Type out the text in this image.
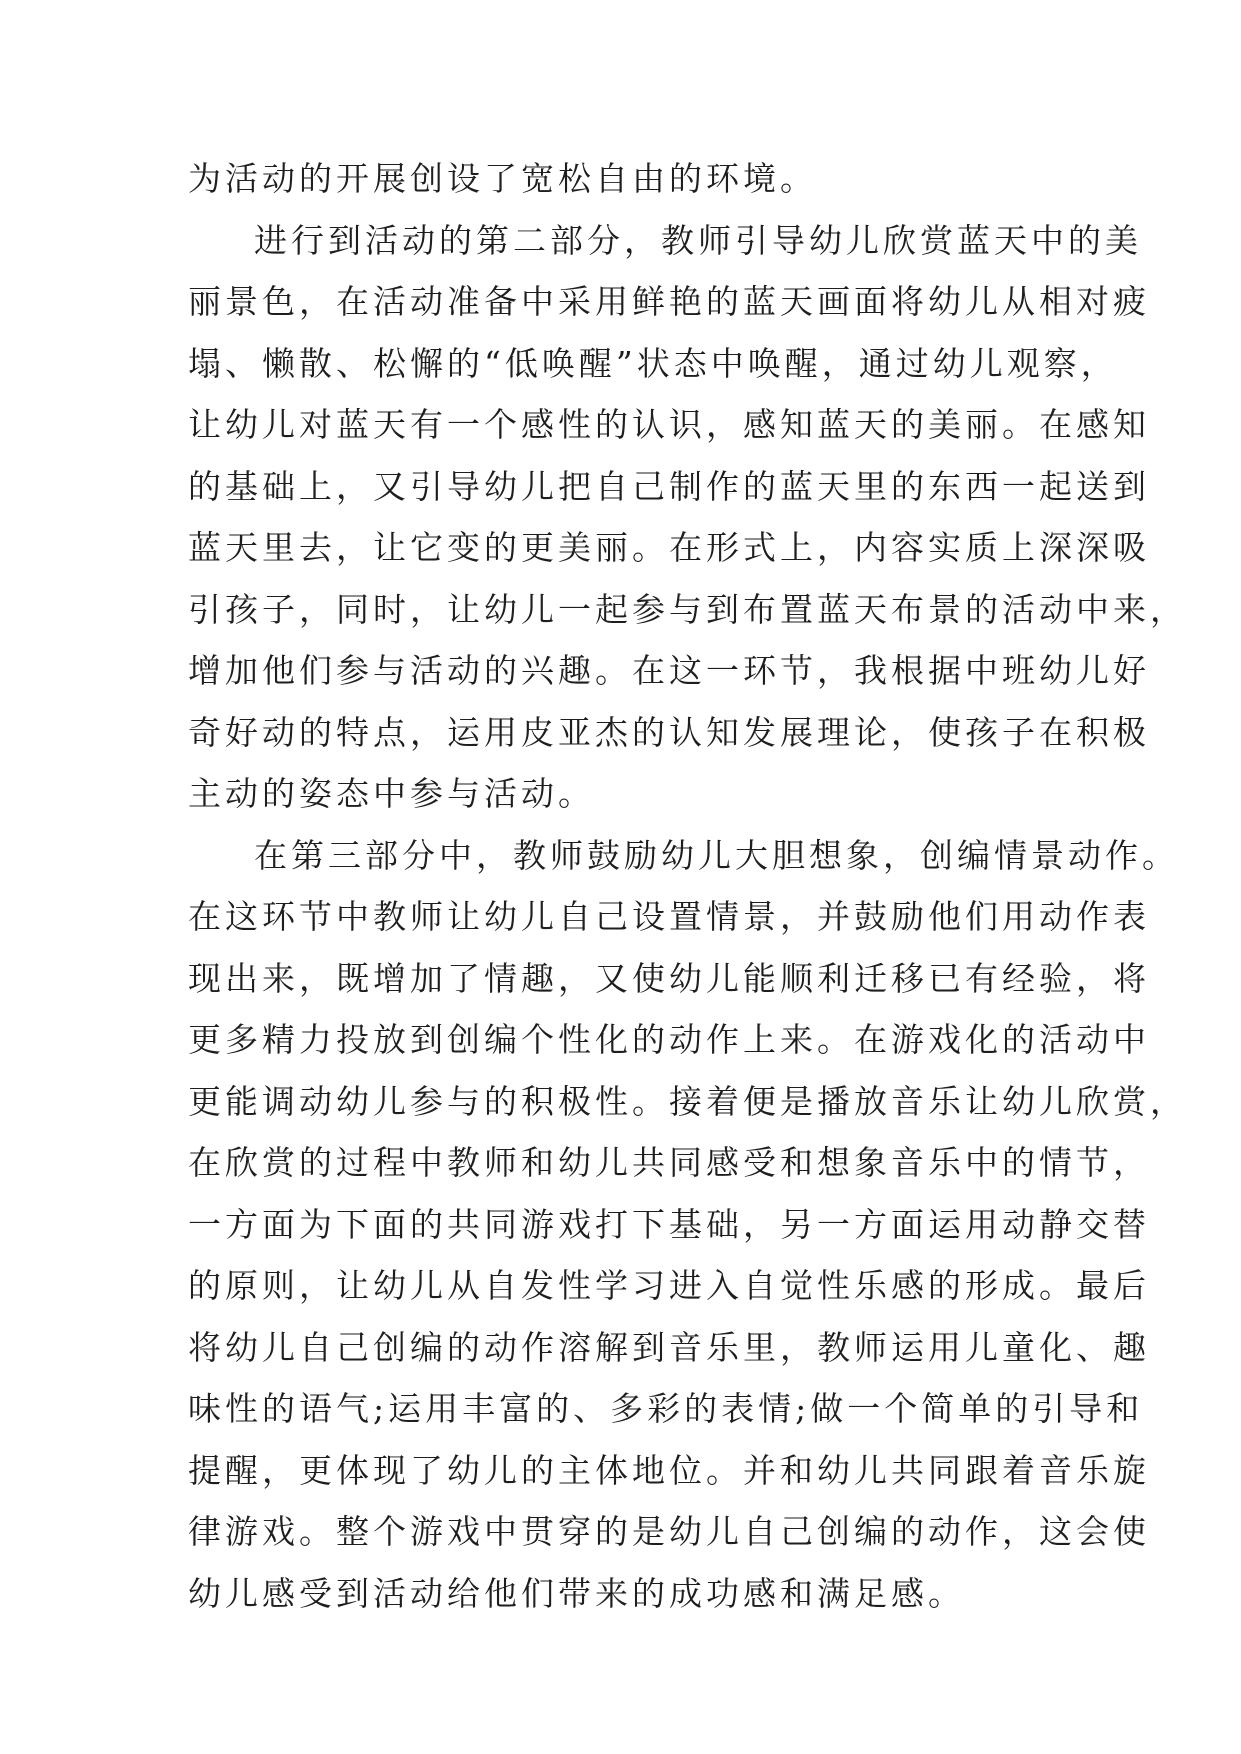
为活动的开展创设了宽松自由的环境。
进行到活动的第二部分，教师引导幼儿欣赏蓝天中的美
丽景色，在活动准备中采用鲜艳的蓝天画面将幼儿从相对疲
塌、懒散、松懈的“低唤醒”状态中唤醒，通过幼儿观察，
让幼儿对蓝天有一个感性的认识，感知蓝天的美丽。在感知
的基础上，又引导幼儿把自己制作的蓝天里的东西一起送到
蓝天里去，让它变的更美丽。在形式上，内容实质上深深吸
引孩子，同时，让幼儿一起参与到布置蓝天布景的活动中来，
增加他们参与活动的兴趣。在这一环节，我根据中班幼儿好
奇好动的特点，运用皮亚杰的认知发展理论，使孩子在积极
主动的姿态中参与活动。
在第三部分中，教师鼓励幼儿大胆想象，创编情景动作。
在这环节中教师让幼儿自己设置情景，并鼓励他们用动作表
现出来，既增加了情趣，又使幼儿能顺利迁移已有经验，将
更多精力投放到创编个性化的动作上来。在游戏化的活动中
更能调动幼儿参与的积极性。接着便是播放音乐让幼儿欣赏，
在欣赏的过程中教师和幼儿共同感受和想象音乐中的情节，
一方面为下面的共同游戏打下基础，另一方面运用动静交替
的原则，让幼儿从自发性学习进入自觉性乐感的形成。最后
将幼儿自己创编的动作溶解到音乐里，教师运用儿童化、趣
味性的语气;运用丰富的、多彩的表情;做一个简单的引导和
提醒，更体现了幼儿的主体地位。并和幼儿共同跟着音乐旋
律游戏。整个游戏中贯穿的是幼儿自己创编的动作，这会使
幼儿感受到活动给他们带来的成功感和满足感。
